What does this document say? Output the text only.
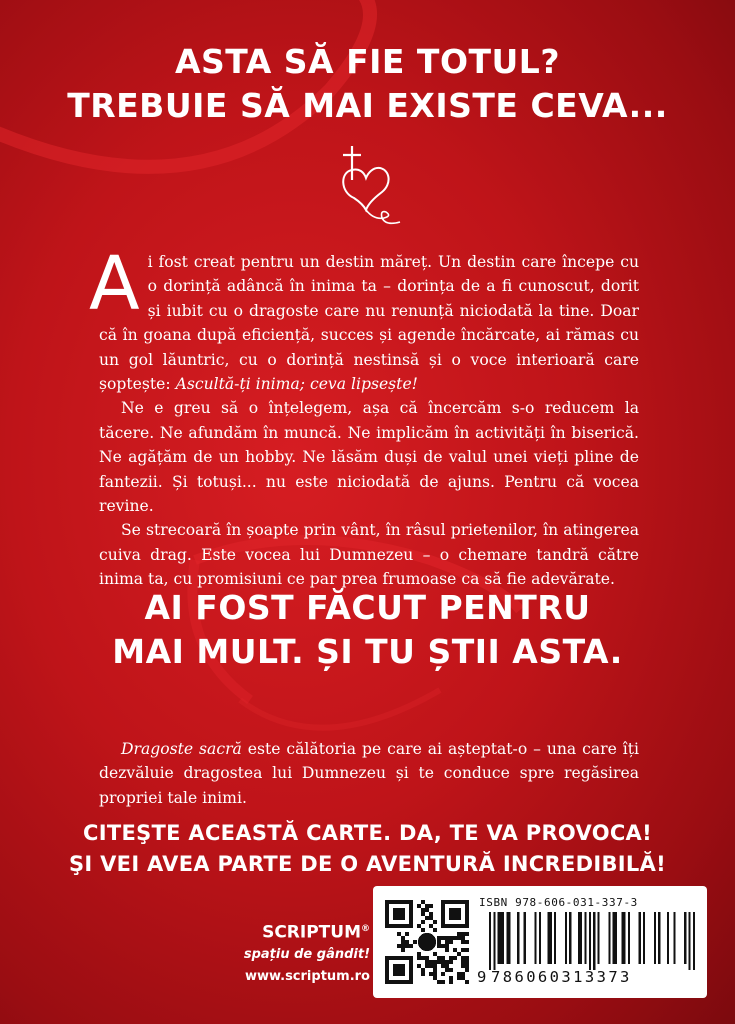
ASTA SĂ FIE TOTUL?
TREBUIE SĂ MAI EXISTE CEVA...

Ai fost creat pentru un destin măreț. Un destin care începe cu o dorință adâncă în inima ta – dorința de a fi cunoscut, dorit și iubit cu o dragoste care nu renunță niciodată la tine. Doar că în goana după eficiență, succes și agende încărcate, ai rămas cu un gol lăuntric, cu o dorință nestinsă și o voce interioară care șoptește: Ascultă-ți inima; ceva lipsește!

Ne e greu să o înțelegem, așa că încercăm s-o reducem la tăcere. Ne afundăm în muncă. Ne implicăm în activități în biserică. Ne agățăm de un hobby. Ne lăsăm duși de valul unei vieți pline de fantezii. Și totuși... nu este niciodată de ajuns. Pentru că vocea revine.

Se strecoară în șoapte prin vânt, în râsul prietenilor, în atingerea cuiva drag. Este vocea lui Dumnezeu – o chemare tandră către inima ta, cu promisiuni ce par prea frumoase ca să fie adevărate.

AI FOST FĂCUT PENTRU
MAI MULT. ȘI TU ȘTII ASTA.
Dragoste sacră este călătoria pe care ai așteptat-o – una care îți dezvăluie dragostea lui Dumnezeu și te conduce spre regăsirea propriei tale inimi.
CITEŞTE ACEASTĂ CARTE. DA, TE VA PROVOCA!
ŞI VEI AVEA PARTE DE O AVENTURĂ INCREDIBILĂ!
SCRIPTUM®
spațiu de gândit!
www.scriptum.ro
ISBN 978-606-031-337-3
9 786060313373
